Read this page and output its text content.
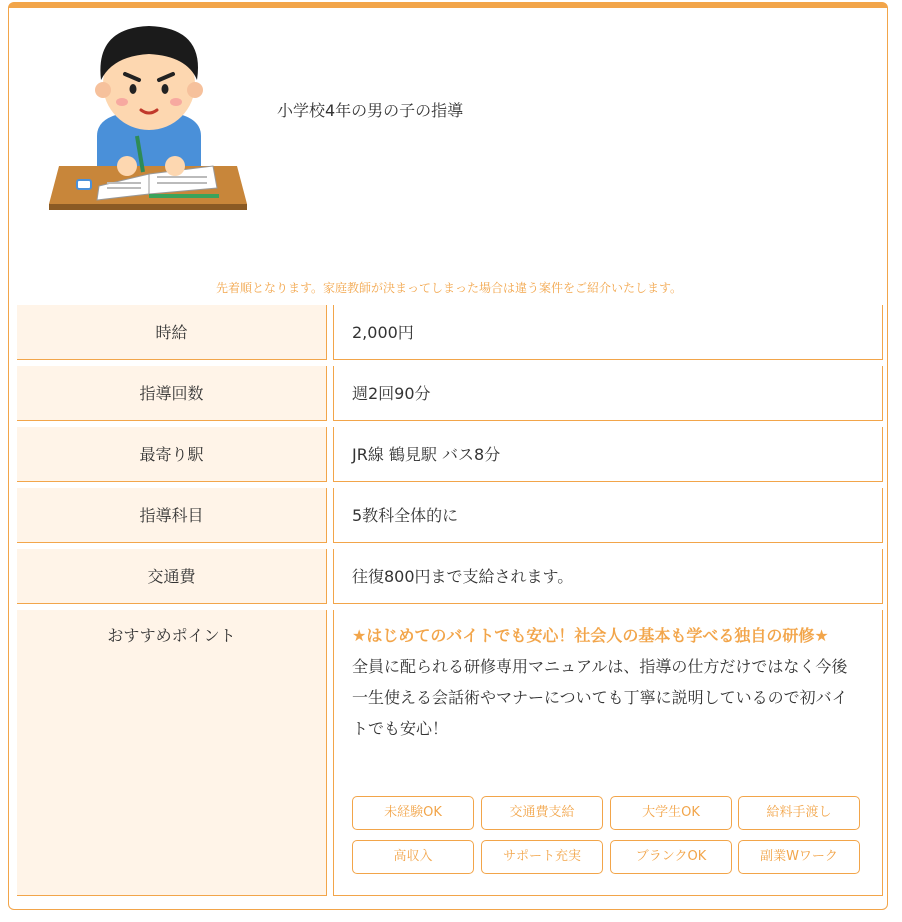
小学校4年の男の子の指導
先着順となります。家庭教師が決まってしまった場合は違う案件をご紹介いたします。
時給	2,000円
指導回数	週2回90分
最寄り駅	JR線 鶴見駅 バス8分
指導科目	5教科全体的に
交通費	往復800円まで支給されます。
おすすめポイント	★はじめてのバイトでも安心！社会人の基本も学べる独自の研修★
全員に配られる研修専用マニュアルは、指導の仕方だけではなく今後一生使える会話術やマナーについても丁寧に説明しているので初バイトでも安心！
未経験OK	交通費支給	大学生OK	給料手渡し
高収入	サポート充実	ブランクOK	副業Wワーク
